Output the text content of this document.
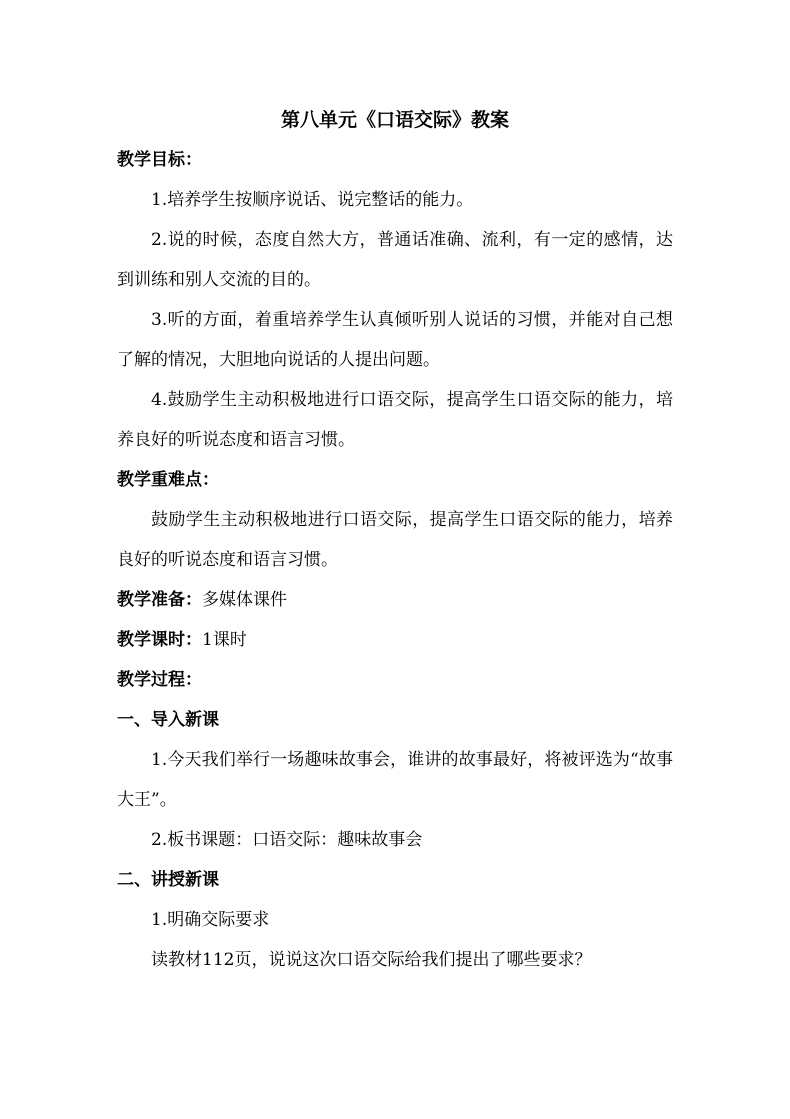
第八单元《口语交际》教案
教学目标：
1.培养学生按顺序说话、说完整话的能力。
2.说的时候，态度自然大方，普通话准确、流利，有一定的感情，达到训练和别人交流的目的。
3.听的方面，着重培养学生认真倾听别人说话的习惯，并能对自己想了解的情况，大胆地向说话的人提出问题。
4.鼓励学生主动积极地进行口语交际，提高学生口语交际的能力，培养良好的听说态度和语言习惯。
教学重难点：
鼓励学生主动积极地进行口语交际，提高学生口语交际的能力，培养良好的听说态度和语言习惯。
教学准备：多媒体课件
教学课时：1课时
教学过程：
一、导入新课
1.今天我们举行一场趣味故事会，谁讲的故事最好，将被评选为“故事大王”。
2.板书课题：口语交际：趣味故事会
二、讲授新课
1.明确交际要求
读教材112页，说说这次口语交际给我们提出了哪些要求？
